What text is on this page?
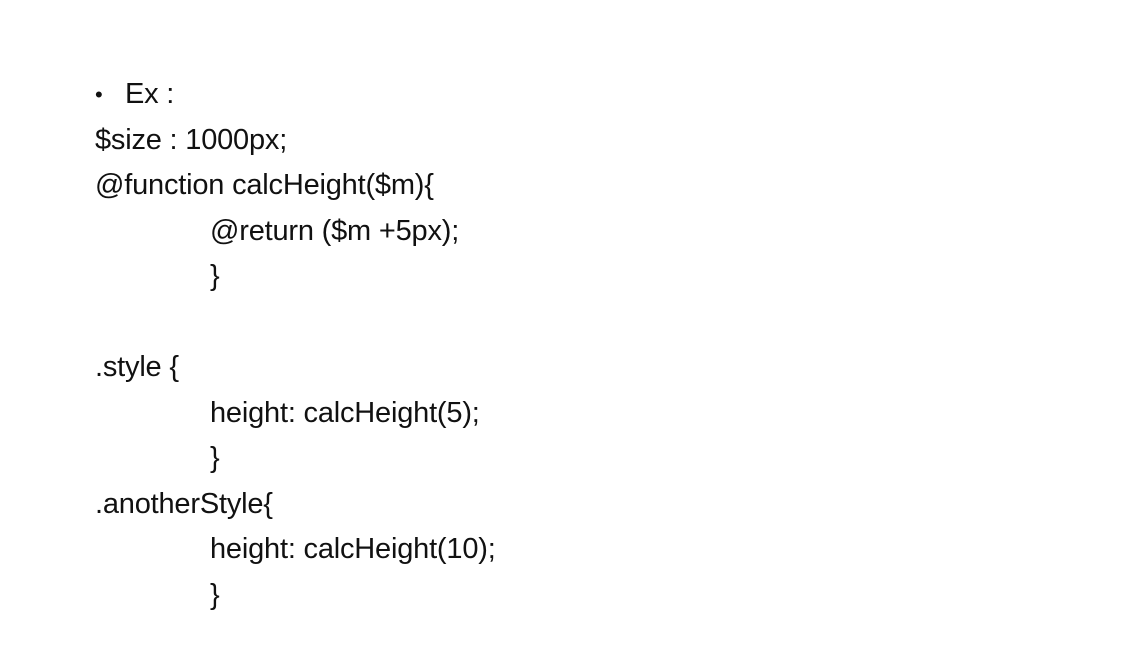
• Ex :
$size : 1000px;
@function calcHeight($m){
@return ($m +5px);
}
.style {
height: calcHeight(5);
}
.anotherStyle{
height: calcHeight(10);
}
